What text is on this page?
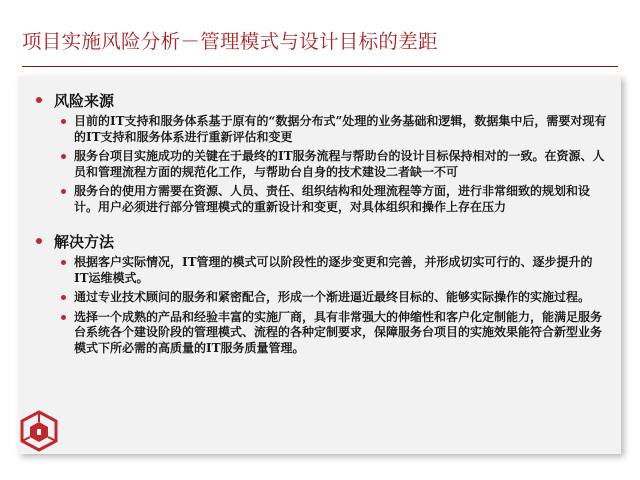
项目实施风险分析－管理模式与设计目标的差距
风险来源
目前的IT支持和服务体系基于原有的“数据分布式”处理的业务基础和逻辑，数据集中后，需要对现有的IT支持和服务体系进行重新评估和变更
服务台项目实施成功的关键在于最终的IT服务流程与帮助台的设计目标保持相对的一致。在资源、人员和管理流程方面的规范化工作，与帮助台自身的技术建设二者缺一不可
服务台的使用方需要在资源、人员、责任、组织结构和处理流程等方面，进行非常细致的规划和设计。用户必须进行部分管理模式的重新设计和变更，对具体组织和操作上存在压力
解决方法
根据客户实际情况，IT管理的模式可以阶段性的逐步变更和完善，并形成切实可行的、逐步提升的IT运维模式。
通过专业技术顾问的服务和紧密配合，形成一个渐进逼近最终目标的、能够实际操作的实施过程。
选择一个成熟的产品和经验丰富的实施厂商，具有非常强大的伸缩性和客户化定制能力，能满足服务台系统各个建设阶段的管理模式、流程的各种定制要求，保障服务台项目的实施效果能符合新型业务模式下所必需的高质量的IT服务质量管理。
